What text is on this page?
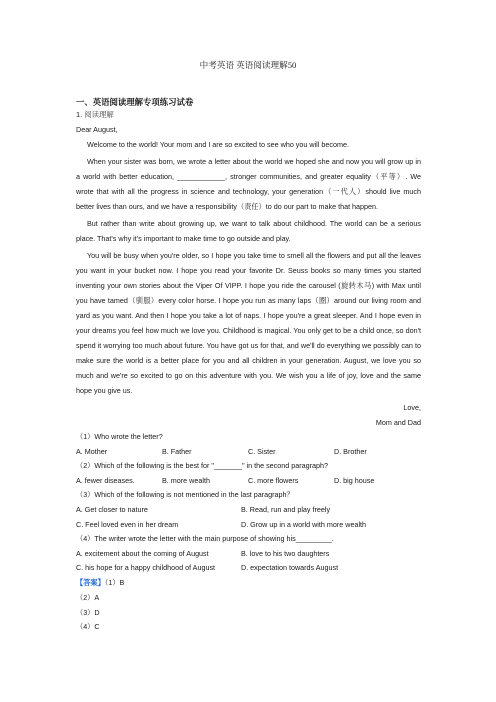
中考英语 英语阅读理解50
一、英语阅读理解专项练习试卷
1. 阅读理解
Dear August,

Welcome to the world! Your mom and I are so excited to see who you will become.

When your sister was born, we wrote a letter about the world we hoped she and now you will grow up in a world with better education, ____________, stronger communities, and greater equality（平等）. We wrote that with all the progress in science and technology, your generation（一代人）should live much better lives than ours, and we have a responsibility（责任）to do our part to make that happen.

But rather than write about growing up, we want to talk about childhood. The world can be a serious place. That's why it's important to make time to go outside and play.

You will be busy when you're older, so I hope you take time to smell all the flowers and put all the leaves you want in your bucket now. I hope you read your favorite Dr. Seuss books so many times you started inventing your own stories about the Viper Of VIPP. I hope you ride the carousel (旋转木马) with Max until you have tamed（驯服）every color horse. I hope you run as many laps（圈）around our living room and yard as you want. And then I hope you take a lot of naps. I hope you're a great sleeper. And I hope even in your dreams you feel how much we love you. Childhood is magical. You only get to be a child once, so don't spend it worrying too much about future. You have got us for that, and we'll do everything we possibly can to make sure the world is a better place for you and all children in your generation. August, we love you so much and we're so excited to go on this adventure with you. We wish you a life of joy, love and the same hope you give us.

Love,

Mom and Dad

（1）Who wrote the letter?
A. Mother	B. Father	C. Sister	D. Brother
（2）Which of the following is the best for "_______" in the second paragraph?
A. fewer diseases.	B. more wealth	C. more flowers	D. big house
（3）Which of the following is not mentioned in the last paragraph？
A. Get closer to nature	B. Read, run and play freely
C. Feel loved even in her dream	D. Grow up in a world with more wealth
（4）The writer wrote the letter with the main purpose of showing his_________.
A. excitement about the coming of August	B. love to his two daughters
C. his hope for a happy childhood of August	D. expectation towards August
【答案】（1）B
（2）A
（3）D
（4）C
